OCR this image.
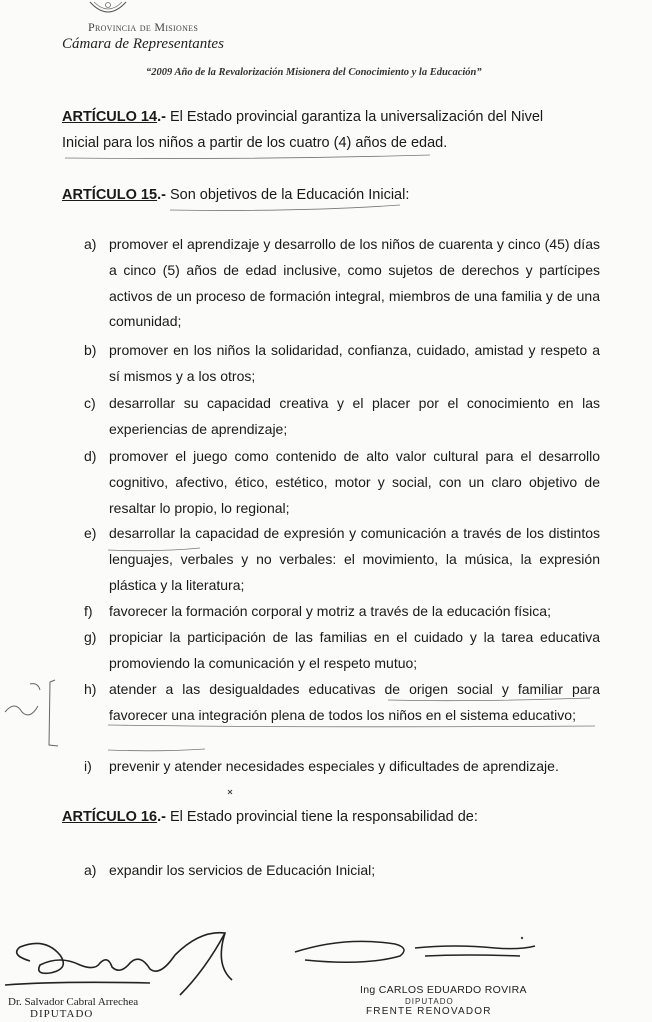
Provincia de Misiones
Cámara de Representantes
“2009 Año de la Revalorización Misionera del Conocimiento y la Educación”
ARTÍCULO 14.- El Estado provincial garantiza la universalización del Nivel
Inicial para los niños a partir de los cuatro (4) años de edad.
ARTÍCULO 15.- Son objetivos de la Educación Inicial:
a) promover el aprendizaje y desarrollo de los niños de cuarenta y cinco (45) días a cinco (5) años de edad inclusive, como sujetos de derechos y partícipes activos de un proceso de formación integral, miembros de una familia y de una comunidad;
b) promover en los niños la solidaridad, confianza, cuidado, amistad y respeto a sí mismos y a los otros;
c) desarrollar su capacidad creativa y el placer por el conocimiento en las experiencias de aprendizaje;
d) promover el juego como contenido de alto valor cultural para el desarrollo cognitivo, afectivo, ético, estético, motor y social, con un claro objetivo de resaltar lo propio, lo regional;
e) desarrollar la capacidad de expresión y comunicación a través de los distintos lenguajes, verbales y no verbales: el movimiento, la música, la expresión plástica y la literatura;
f)	favorecer la formación corporal y motriz a través de la educación física;
g) propiciar la participación de las familias en el cuidado y la tarea educativa promoviendo la comunicación y el respeto mutuo;
h) atender a las desigualdades educativas de origen social y familiar para favorecer una integración plena de todos los niños en el sistema educativo;
i)	prevenir y atender necesidades especiales y dificultades de aprendizaje.
ARTÍCULO 16.- El Estado provincial tiene la responsabilidad de:
a) expandir los servicios de Educación Inicial;
Dr. Salvador Cabral Arrechea
DIPUTADO
Ing CARLOS EDUARDO ROVIRA
DIPUTADO
FRENTE RENOVADOR
